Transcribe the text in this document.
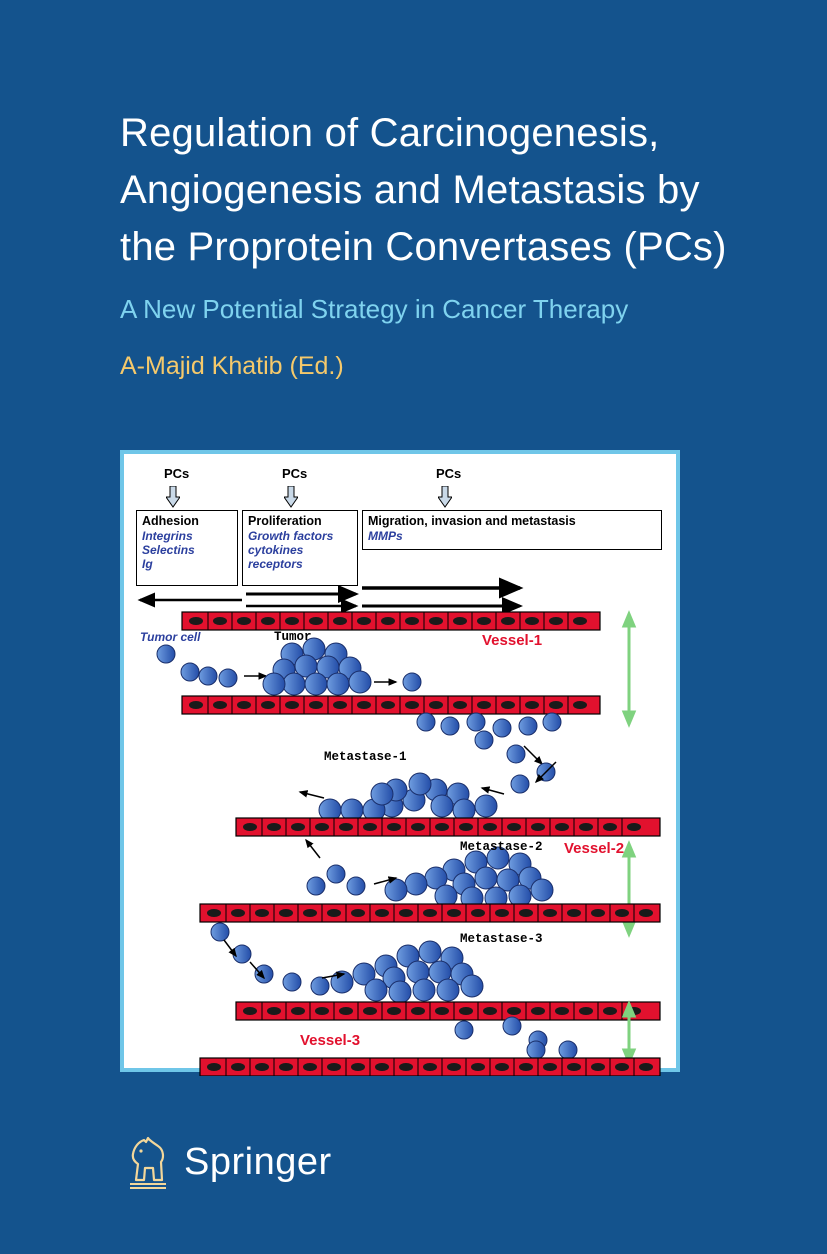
Regulation of Carcinogenesis,
Angiogenesis and Metastasis by
the Proprotein Convertases (PCs)
A New Potential Strategy in Cancer Therapy
A-Majid Khatib (Ed.)
PCs	PCs	PCs
Adhesion
Integrins
Selectins
Ig
Proliferation
Growth factors
cytokines
receptors
Migration, invasion and metastasis
MMPs
Tumor cell	Tumor	Vessel-1
Metastase-1
Vessel-2
Metastase-2
Metastase-3
Vessel-3
Springer
